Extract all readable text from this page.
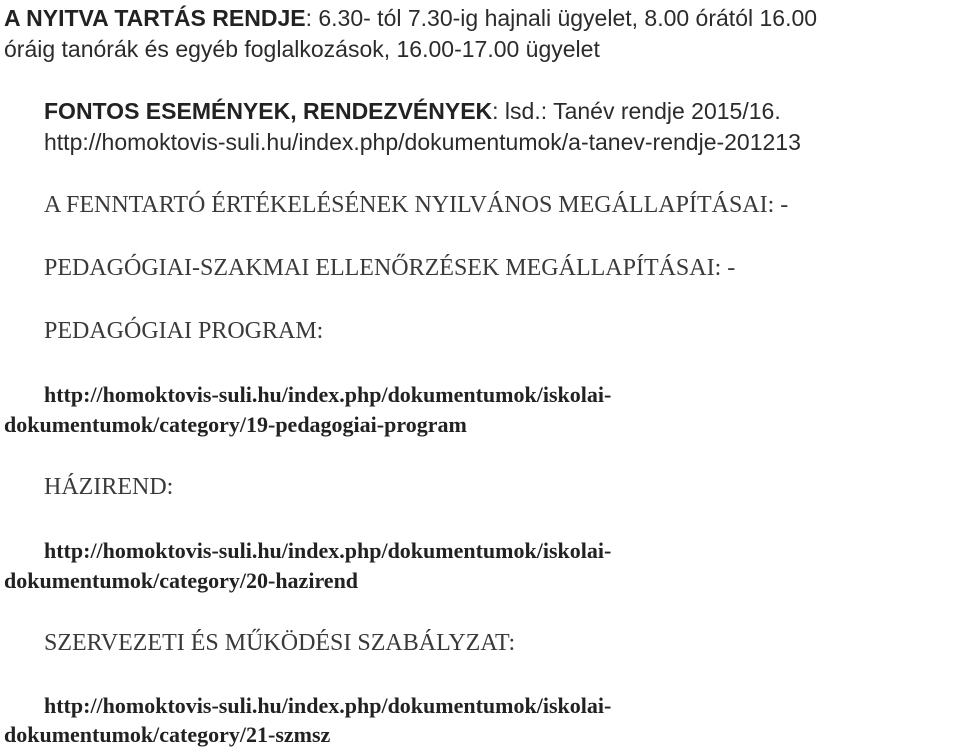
A NYITVA TARTÁS RENDJE: 6.30- tól 7.30-ig hajnali ügyelet, 8.00 órától 16.00

óráig tanórák és egyéb foglalkozások, 16.00-17.00 ügyelet

FONTOS ESEMÉNYEK, RENDEZVÉNYEK: lsd.: Tanév rendje 2015/16.

http://homoktovis-suli.hu/index.php/dokumentumok/a-tanev-rendje-201213

A FENNTARTÓ ÉRTÉKELÉSÉNEK NYILVÁNOS MEGÁLLAPÍTÁSAI: -

PEDAGÓGIAI-SZAKMAI ELLENŐRZÉSEK MEGÁLLAPÍTÁSAI: -

PEDAGÓGIAI PROGRAM:

http://homoktovis-suli.hu/index.php/dokumentumok/iskolai-

dokumentumok/category/19-pedagogiai-program

HÁZIREND:

http://homoktovis-suli.hu/index.php/dokumentumok/iskolai-

dokumentumok/category/20-hazirend

SZERVEZETI ÉS MŰKÖDÉSI SZABÁLYZAT:

http://homoktovis-suli.hu/index.php/dokumentumok/iskolai-

dokumentumok/category/21-szmsz
